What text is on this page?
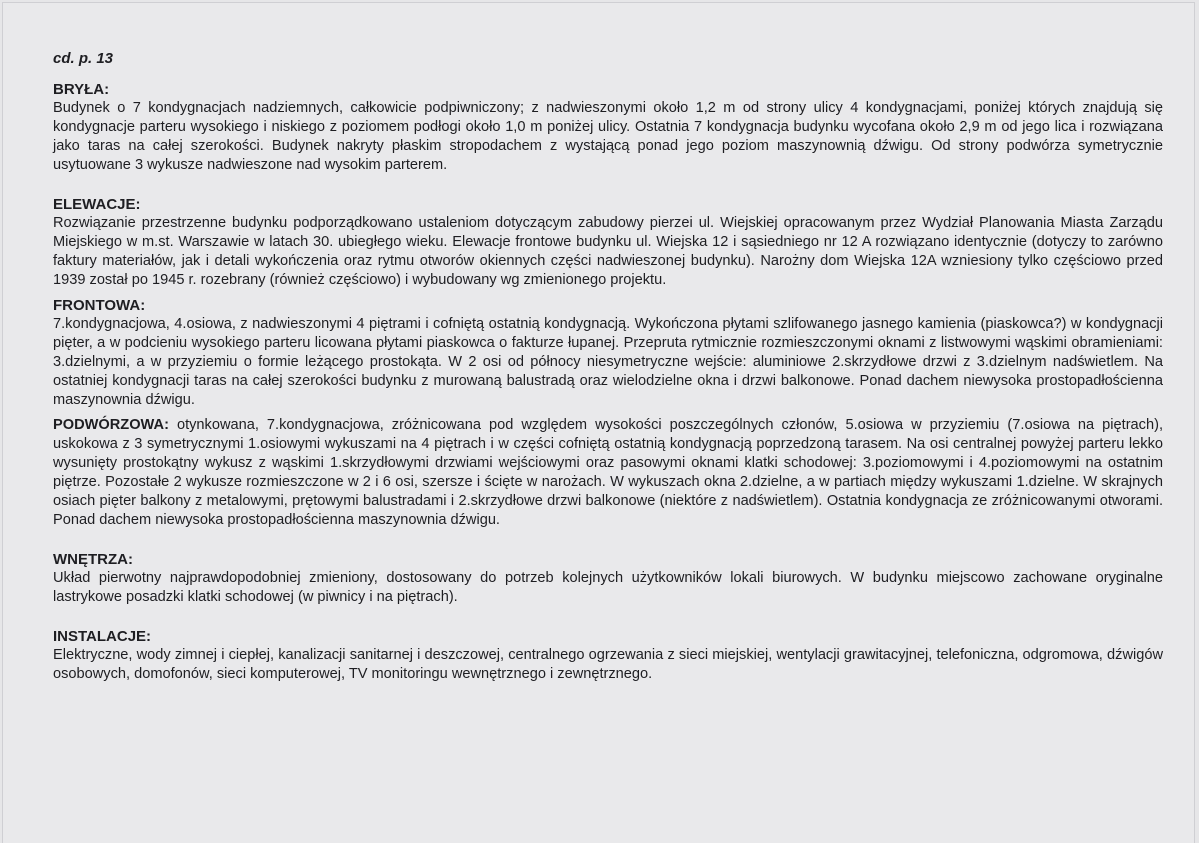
cd. p. 13
BRYŁA:

Budynek o 7 kondygnacjach nadziemnych, całkowicie podpiwniczony; z nadwieszonymi około 1,2 m od strony ulicy 4 kondygnacjami, poniżej których znajdują się kondygnacje parteru wysokiego i niskiego z poziomem podłogi około 1,0 m poniżej ulicy. Ostatnia 7 kondygnacja budynku wycofana około 2,9 m od jego lica i rozwiązana jako taras na całej szerokości. Budynek nakryty płaskim stropodachem z wystającą ponad jego poziom maszynownią dźwigu. Od strony podwórza symetrycznie usytuowane 3 wykusze nadwieszone nad wysokim parterem.

ELEWACJE:

Rozwiązanie przestrzenne budynku podporządkowano ustaleniom dotyczącym zabudowy pierzei ul. Wiejskiej opracowanym przez Wydział Planowania Miasta Zarządu Miejskiego w m.st. Warszawie w latach 30. ubiegłego wieku. Elewacje frontowe budynku ul. Wiejska 12 i sąsiedniego nr 12 A rozwiązano identycznie (dotyczy to zarówno faktury materiałów, jak i detali wykończenia oraz rytmu otworów okiennych części nadwieszonej budynku). Narożny dom Wiejska 12A wzniesiony tylko częściowo przed 1939 został po 1945 r. rozebrany (również częściowo) i wybudowany wg zmienionego projektu.

FRONTOWA:

7.kondygnacjowa, 4.osiowa, z nadwieszonymi 4 piętrami i cofniętą ostatnią kondygnacją. Wykończona płytami szlifowanego jasnego kamienia (piaskowca?) w kondygnacji pięter, a w podcieniu wysokiego parteru licowana płytami piaskowca o fakturze łupanej. Przepruta rytmicznie rozmieszczonymi oknami z listwowymi wąskimi obramieniami: 3.dzielnymi, a w przyziemiu o formie leżącego prostokąta. W 2 osi od północy niesymetryczne wejście: aluminiowe 2.skrzydłowe drzwi z 3.dzielnym nadświetlem. Na ostatniej kondygnacji taras na całej szerokości budynku z murowaną balustradą oraz wielodzielne okna i drzwi balkonowe. Ponad dachem niewysoka prostopadłościenna maszynownia dźwigu.

PODWÓRZOWA: otynkowana, 7.kondygnacjowa, zróżnicowana pod względem wysokości poszczególnych członów, 5.osiowa w przyziemiu (7.osiowa na piętrach), uskokowa z 3 symetrycznymi 1.osiowymi wykuszami na 4 piętrach i w części cofniętą ostatnią kondygnacją poprzedzoną tarasem. Na osi centralnej powyżej parteru lekko wysunięty prostokątny wykusz z wąskimi 1.skrzydłowymi drzwiami wejściowymi oraz pasowymi oknami klatki schodowej: 3.poziomowymi i 4.poziomowymi na ostatnim piętrze. Pozostałe 2 wykusze rozmieszczone w 2 i 6 osi, szersze i ścięte w narożach. W wykuszach okna 2.dzielne, a w partiach między wykuszami 1.dzielne. W skrajnych osiach pięter balkony z metalowymi, prętowymi balustradami i 2.skrzydłowe drzwi balkonowe (niektóre z nadświetlem). Ostatnia kondygnacja ze zróżnicowanymi otworami. Ponad dachem niewysoka prostopadłościenna maszynownia dźwigu.

WNĘTRZA:

Układ pierwotny najprawdopodobniej zmieniony, dostosowany do potrzeb kolejnych użytkowników lokali biurowych. W budynku miejscowo zachowane oryginalne lastrykowe posadzki klatki schodowej (w piwnicy i na piętrach).

INSTALACJE:

Elektryczne, wody zimnej i ciepłej, kanalizacji sanitarnej i deszczowej, centralnego ogrzewania z sieci miejskiej, wentylacji grawitacyjnej, telefoniczna, odgromowa, dźwigów osobowych, domofonów, sieci komputerowej, TV monitoringu wewnętrznego i zewnętrznego.
